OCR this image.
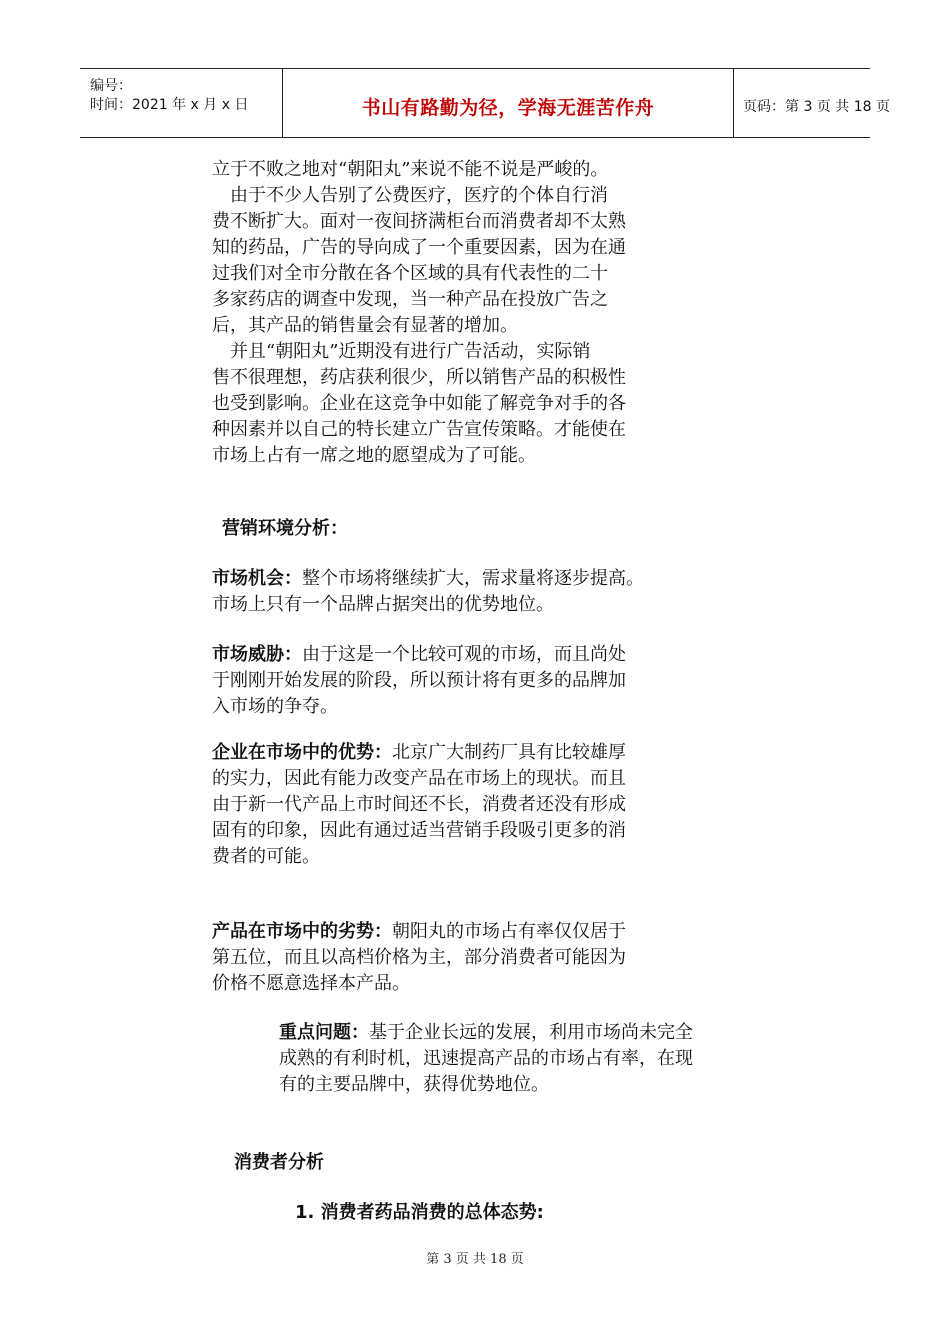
编号：
时间：2021 年 x 月 x 日	书山有路勤为径，学海无涯苦作舟	页码：第 3 页 共 18 页

立于不败之地对“朝阳丸”来说不能不说是严峻的。

　由于不少人告别了公费医疗，医疗的个体自行消
费不断扩大。面对一夜间挤满柜台而消费者却不太熟
知的药品，广告的导向成了一个重要因素，因为在通
过我们对全市分散在各个区域的具有代表性的二十
多家药店的调查中发现，当一种产品在投放广告之
后，其产品的销售量会有显著的增加。

　并且“朝阳丸”近期没有进行广告活动，实际销
售不很理想，药店获利很少，所以销售产品的积极性
也受到影响。企业在这竞争中如能了解竞争对手的各
种因素并以自己的特长建立广告宣传策略。才能使在
市场上占有一席之地的愿望成为了可能。

营销环境分析：

市场机会：整个市场将继续扩大，需求量将逐步提高。
市场上只有一个品牌占据突出的优势地位。

市场威胁：由于这是一个比较可观的市场，而且尚处
于刚刚开始发展的阶段，所以预计将有更多的品牌加
入市场的争夺。

企业在市场中的优势：北京广大制药厂具有比较雄厚
的实力，因此有能力改变产品在市场上的现状。而且
由于新一代产品上市时间还不长，消费者还没有形成
固有的印象，因此有通过适当营销手段吸引更多的消
费者的可能。

产品在市场中的劣势：朝阳丸的市场占有率仅仅居于
第五位，而且以高档价格为主，部分消费者可能因为
价格不愿意选择本产品。

重点问题：基于企业长远的发展，利用市场尚未完全
成熟的有利时机，迅速提高产品的市场占有率，在现
有的主要品牌中，获得优势地位。

消费者分析
1. 消费者药品消费的总体态势:
第 3 页 共 18 页
